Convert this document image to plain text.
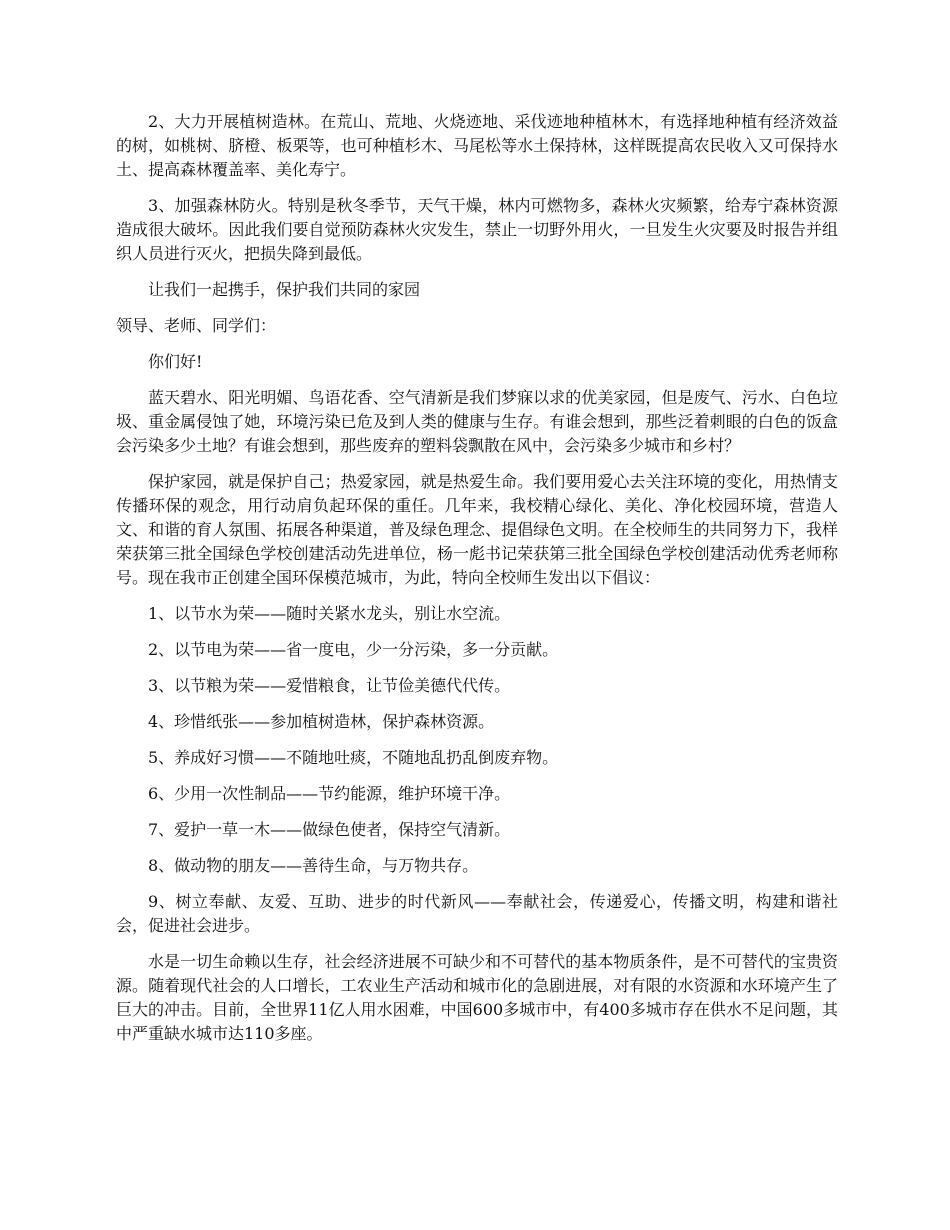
2、大力开展植树造林。在荒山、荒地、火烧迹地、采伐迹地种植林木，有选择地种植有经济效益的树，如桃树、脐橙、板栗等，也可种植杉木、马尾松等水土保持林，这样既提高农民收入又可保持水土、提高森林覆盖率、美化寿宁。

3、加强森林防火。特别是秋冬季节，天气干燥，林内可燃物多，森林火灾频繁，给寿宁森林资源造成很大破坏。因此我们要自觉预防森林火灾发生，禁止一切野外用火，一旦发生火灾要及时报告并组织人员进行灭火，把损失降到最低。

让我们一起携手，保护我们共同的家园

领导、老师、同学们：

你们好!

蓝天碧水、阳光明媚、鸟语花香、空气清新是我们梦寐以求的优美家园，但是废气、污水、白色垃圾、重金属侵蚀了她，环境污染已危及到人类的健康与生存。有谁会想到，那些泛着刺眼的白色的饭盒会污染多少土地？有谁会想到，那些废弃的塑料袋飘散在风中，会污染多少城市和乡村？

保护家园，就是保护自己；热爱家园，就是热爱生命。我们要用爱心去关注环境的变化，用热情支传播环保的观念，用行动肩负起环保的重任。几年来，我校精心绿化、美化、净化校园环境，营造人文、和谐的育人氛围、拓展各种渠道，普及绿色理念、提倡绿色文明。在全校师生的共同努力下，我样荣获第三批全国绿色学校创建活动先进单位，杨一彪书记荣获第三批全国绿色学校创建活动优秀老师称号。现在我市正创建全国环保模范城市，为此，特向全校师生发出以下倡议：

1、以节水为荣——随时关紧水龙头，别让水空流。

2、以节电为荣——省一度电，少一分污染，多一分贡献。

3、以节粮为荣——爱惜粮食，让节俭美德代代传。

4、珍惜纸张——参加植树造林，保护森林资源。

5、养成好习惯——不随地吐痰，不随地乱扔乱倒废弃物。

6、少用一次性制品——节约能源，维护环境干净。

7、爱护一草一木——做绿色使者，保持空气清新。

8、做动物的朋友——善待生命，与万物共存。

9、树立奉献、友爱、互助、进步的时代新风——奉献社会，传递爱心，传播文明，构建和谐社会，促进社会进步。

水是一切生命赖以生存，社会经济进展不可缺少和不可替代的基本物质条件，是不可替代的宝贵资源。随着现代社会的人口增长，工农业生产活动和城市化的急剧进展，对有限的水资源和水环境产生了巨大的冲击。目前，全世界11亿人用水困难，中国600多城市中，有400多城市存在供水不足问题，其中严重缺水城市达110多座。
